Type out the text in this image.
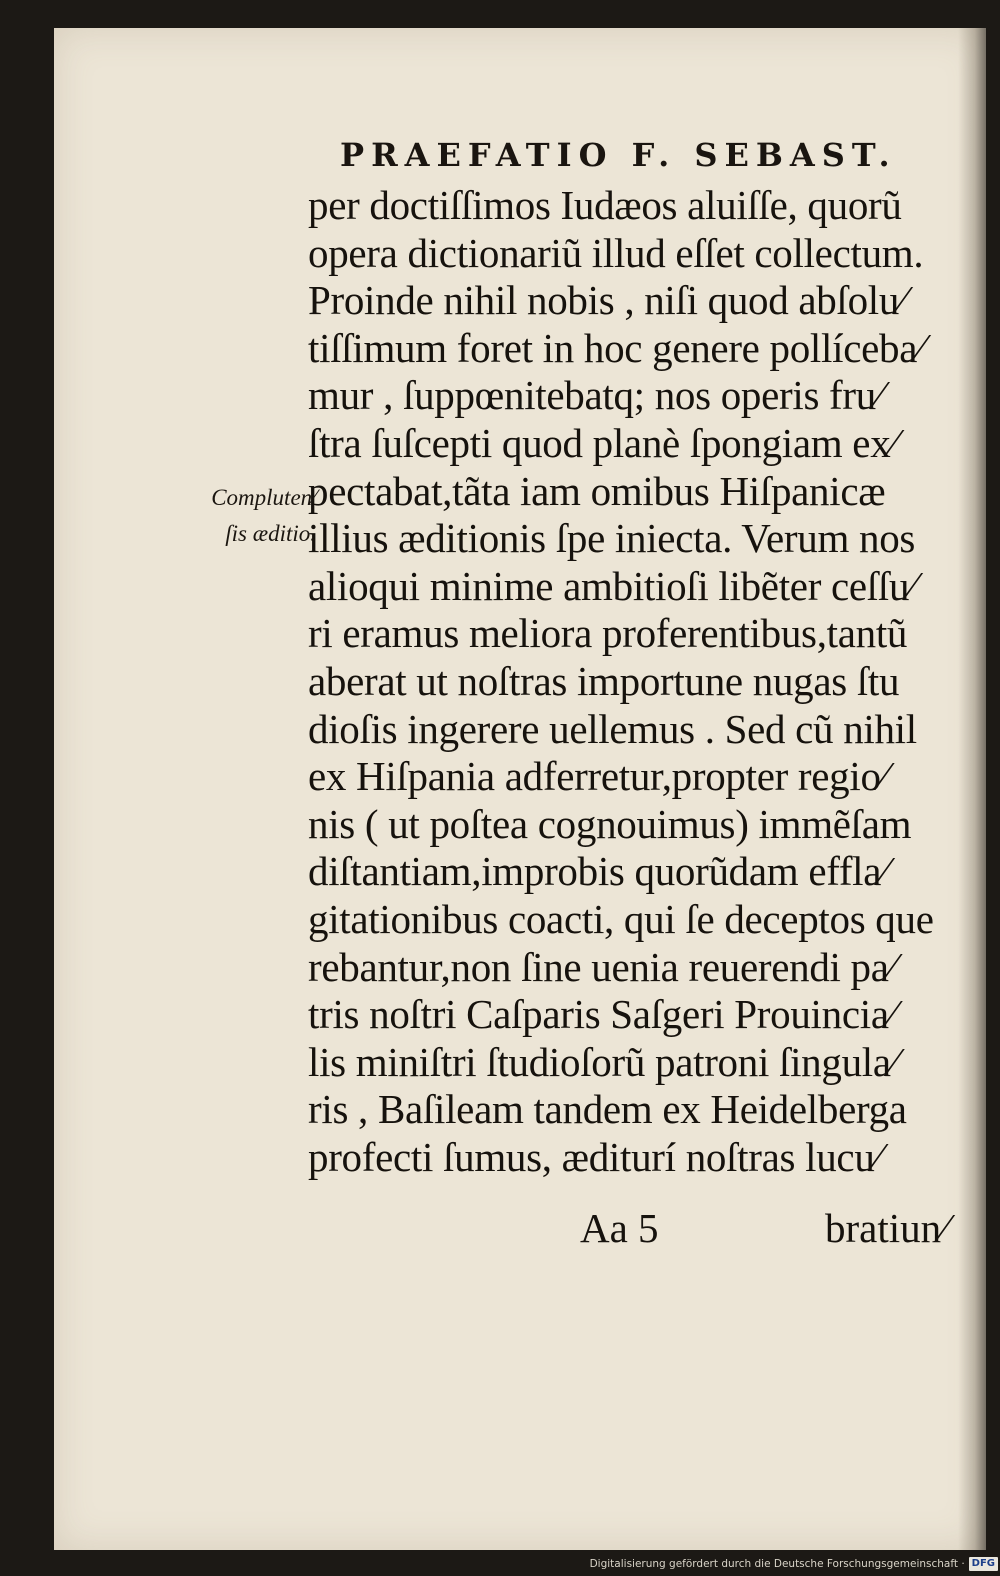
PRAEFATIO F. SEBAST.
per doctiſſimos Iudæos aluiſſe, quorũ
opera dictionariũ illud eſſet collectum.
Proinde nihil nobis , niſi quod abſolu⁄
tiſſimum foret in hoc genere pollíceba⁄
mur , ſuppœnitebatq; nos operis fru⁄
ſtra ſuſcepti quod planè ſpongiam ex⁄
pectabat,tãta iam omibus Hiſpanicæ
illius æditionis ſpe iniecta. Verum nos
alioqui minime ambitioſi libẽter ceſſu⁄
ri eramus meliora proferentibus,tantũ
aberat ut noſtras importune nugas ſtu
dioſis ingerere uellemus . Sed cũ nihil
ex Hiſpania adferretur,propter regio⁄
nis ( ut poſtea cognouimus) immẽſam
diſtantiam,improbis quorũdam effla⁄
gitationibus coacti, qui ſe deceptos que
rebantur,non ſine uenia reuerendi pa⁄
tris noſtri Caſparis Saſgeri Prouincia⁄
lis miniſtri ſtudioſorũ patroni ſingula⁄
ris , Baſileam tandem ex Heidelberga
profecti ſumus, æditurí noſtras lucu⁄
Compluten⁄
ſis æditio.
Aa 5	bratiun⁄
Digitalisierung gefördert durch die Deutsche Forschungsgemeinschaft · DFG
